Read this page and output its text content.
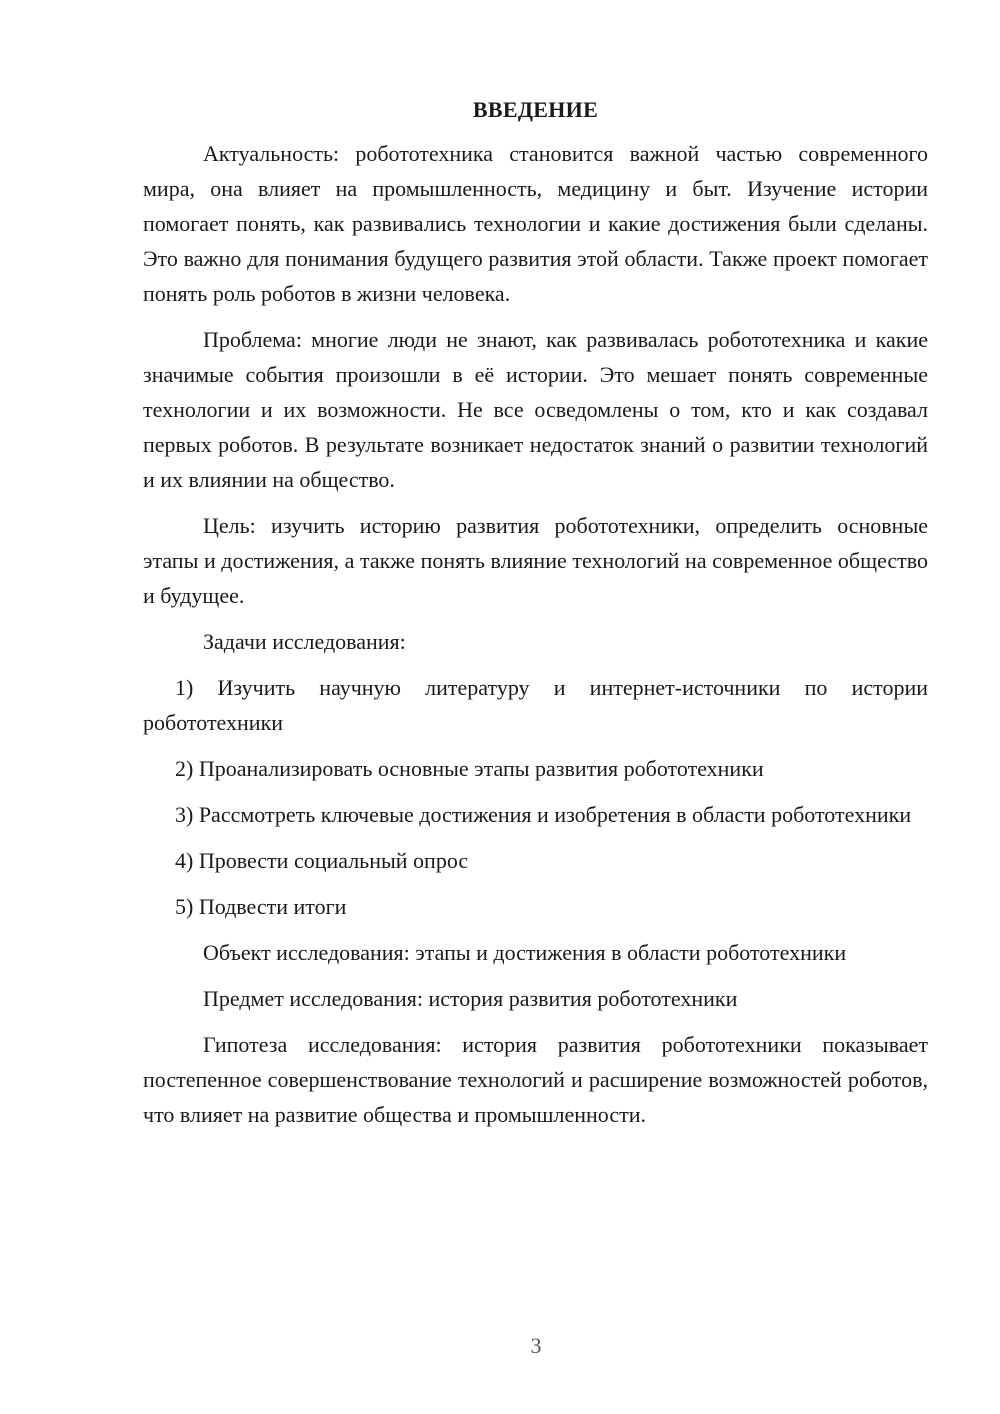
ВВЕДЕНИЕ

Актуальность: робототехника становится важной частью современного мира, она влияет на промышленность, медицину и быт. Изучение истории помогает понять, как развивались технологии и какие достижения были сделаны. Это важно для понимания будущего развития этой области. Также проект помогает понять роль роботов в жизни человека.

Проблема: многие люди не знают, как развивалась робототехника и какие значимые события произошли в её истории. Это мешает понять современные технологии и их возможности. Не все осведомлены о том, кто и как создавал первых роботов. В результате возникает недостаток знаний о развитии технологий и их влиянии на общество.

Цель: изучить историю развития робототехники, определить основные этапы и достижения, а также понять влияние технологий на современное общество и будущее.

Задачи исследования:

1) Изучить научную литературу и интернет-источники по истории робототехники

2) Проанализировать основные этапы развития робототехники

3) Рассмотреть ключевые достижения и изобретения в области робототехники

4) Провести социальный опрос

5) Подвести итоги

Объект исследования: этапы и достижения в области робототехники

Предмет исследования: история развития робототехники

Гипотеза исследования: история развития робототехники показывает постепенное совершенствование технологий и расширение возможностей роботов, что влияет на развитие общества и промышленности.

3
